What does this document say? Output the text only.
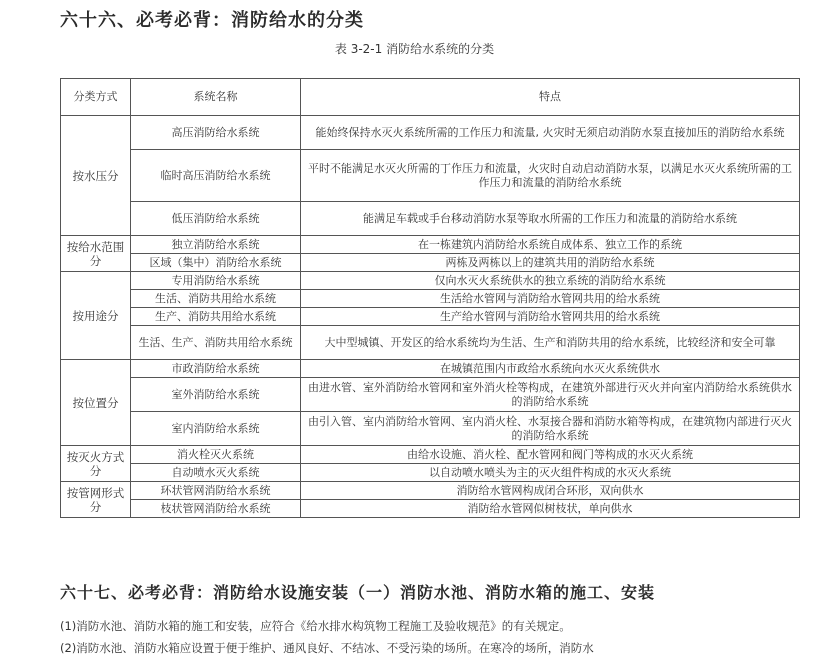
六十六、必考必背：消防给水的分类
表 3-2-1 消防给水系统的分类
分类方式	系统名称	特点
按水压分	高压消防给水系统	能始终保持水灭火系统所需的工作压力和流量, 火灾时无须启动消防水泵直接加压的消防给水系统
	临时高压消防给水系统	平时不能满足水灭火所需的丁作压力和流量，火灾时自动启动消防水泵，以满足水灭火系统所需的工作压力和流量的消防给水系统
	低压消防给水系统	能满足车载或手台移动消防水泵等取水所需的工作压力和流量的消防给水系统
按给水范围分	独立消防给水系统	在一栋建筑内消防给水系统自成体系、独立工作的系统
	区域（集中）消防给水系统	两栋及两栋以上的建筑共用的消防给水系统
按用途分	专用消防给水系统	仅向水灭火系统供水的独立系统的消防给水系统
	生活、消防共用给水系统	生活给水管网与消防给水管网共用的给水系统
	生产、消防共用给水系统	生产给水管网与消防给水管网共用的给水系统
	生活、生产、消防共用给水系统	大中型城镇、开发区的给水系统均为生活、生产和消防共用的给水系统，比较经济和安全可靠
按位置分	市政消防给水系统	在城镇范围内市政给水系统向水灭火系统供水
	室外消防给水系统	由进水管、室外消防给水管网和室外消火栓等构成，在建筑外部进行灭火并向室内消防给水系统供水的消防给水系统
	室内消防给水系统	由引入管、室内消防给水管网、室内消火栓、水泵接合器和消防水箱等构成，在建筑物内部进行灭火的消防给水系统
按灭火方式分	消火栓灭火系统	由给水设施、消火栓、配水管网和阀门等构成的水灭火系统
	自动喷水灭火系统	以自动喷水喷头为主的灭火组件构成的水灭火系统
按管网形式分	环状管网消防给水系统	消防给水管网构成闭合环形，双向供水
	枝状管网消防给水系统	消防给水管网似树枝状，单向供水
六十七、必考必背：消防给水设施安装（一）消防水池、消防水箱的施工、安装
(1)消防水池、消防水箱的施工和安装，应符合《给水排水构筑物工程施工及验收规范》的有关规定。
(2)消防水池、消防水箱应设置于便于维护、通风良好、不结冰、不受污染的场所。在寒冷的场所，消防水
